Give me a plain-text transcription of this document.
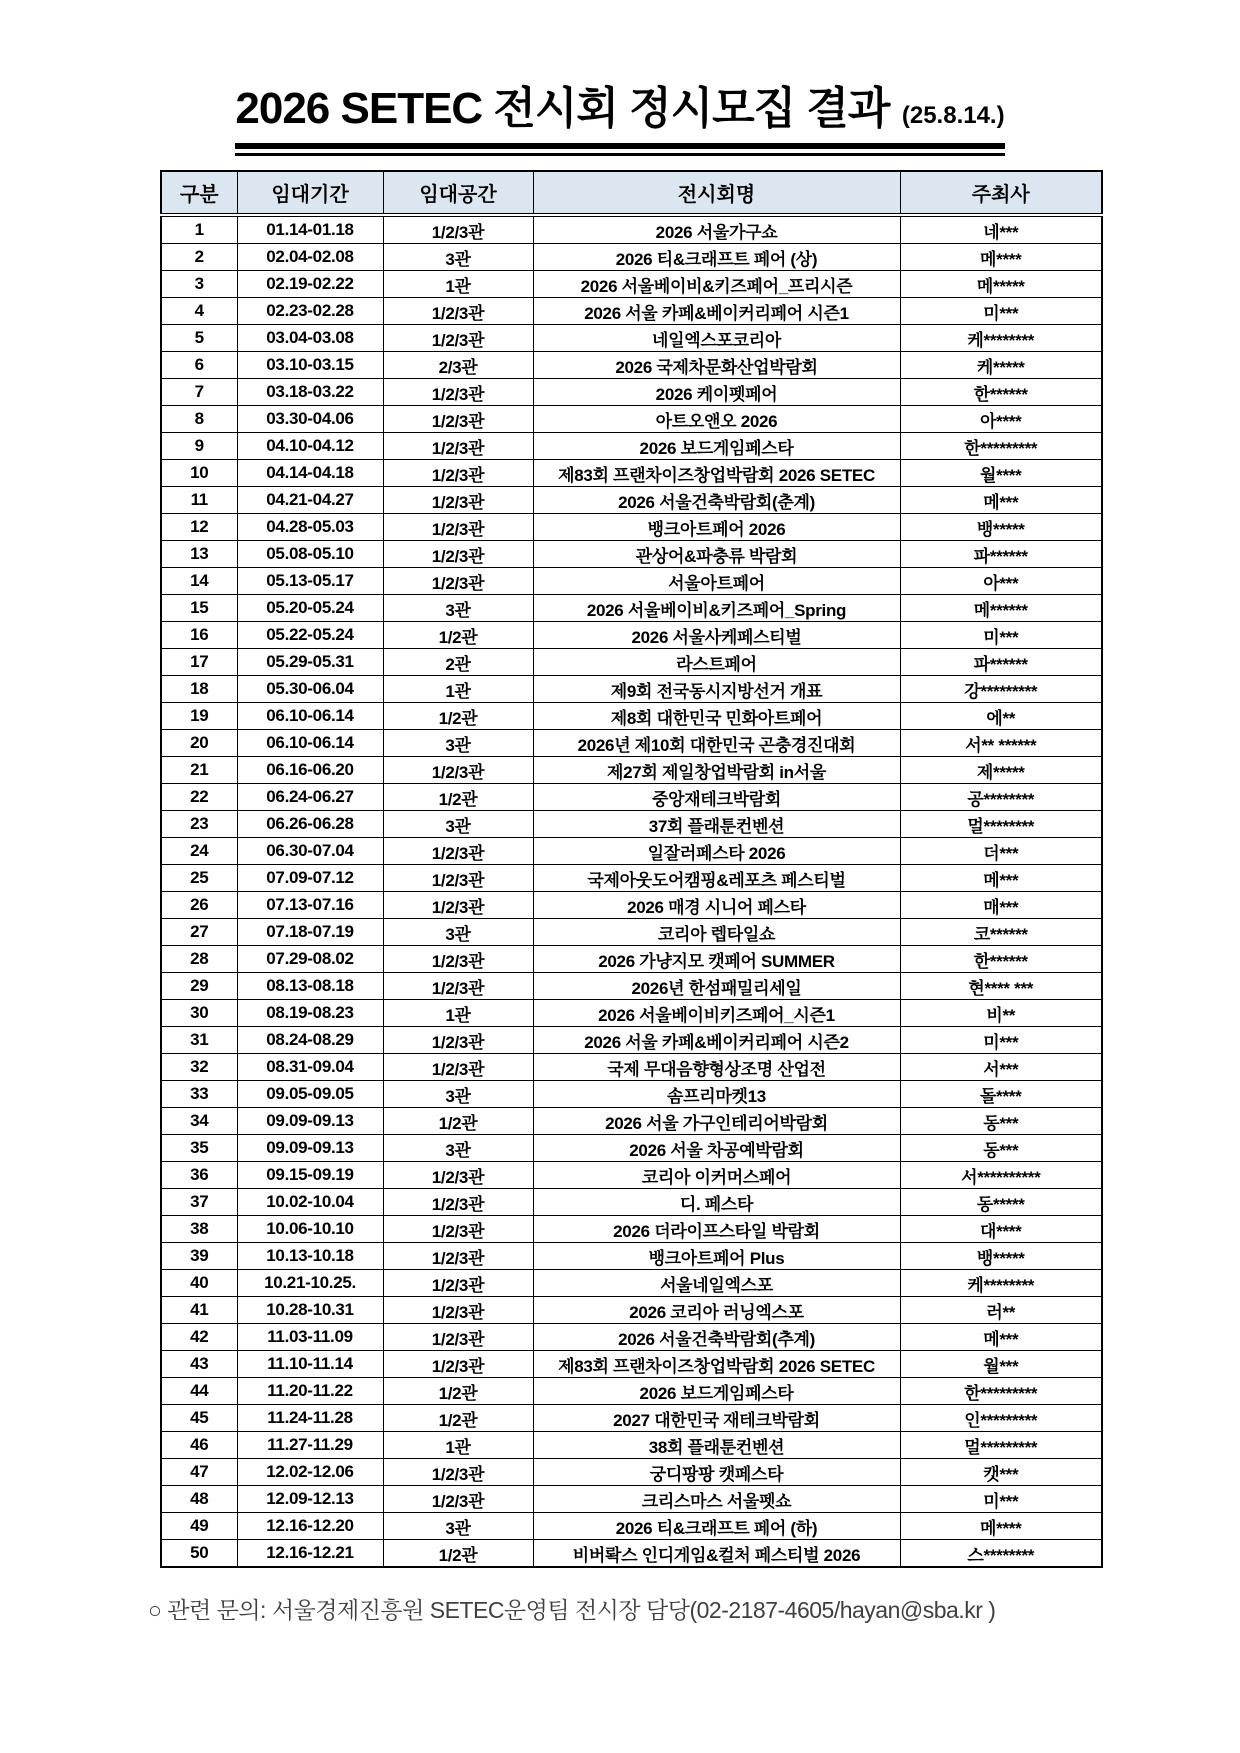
2026 SETEC 전시회 정시모집 결과 (25.8.14.)
구분	임대기간	임대공간	전시회명	주최사
1	01.14-01.18	1/2/3관	2026 서울가구쇼	네***
2	02.04-02.08	3관	2026 티&크래프트 페어 (상)	메****
3	02.19-02.22	1관	2026 서울베이비&키즈페어_프리시즌	메*****
4	02.23-02.28	1/2/3관	2026 서울 카페&베이커리페어 시즌1	미***
5	03.04-03.08	1/2/3관	네일엑스포코리아	케********
6	03.10-03.15	2/3관	2026 국제차문화산업박람회	케*****
7	03.18-03.22	1/2/3관	2026 케이펫페어	한******
8	03.30-04.06	1/2/3관	아트오앤오 2026	아****
9	04.10-04.12	1/2/3관	2026 보드게임페스타	한*********
10	04.14-04.18	1/2/3관	제83회 프랜차이즈창업박람회 2026 SETEC	월****
11	04.21-04.27	1/2/3관	2026 서울건축박람회(춘계)	메***
12	04.28-05.03	1/2/3관	뱅크아트페어 2026	뱅*****
13	05.08-05.10	1/2/3관	관상어&파충류 박람회	파******
14	05.13-05.17	1/2/3관	서울아트페어	아***
15	05.20-05.24	3관	2026 서울베이비&키즈페어_Spring	메******
16	05.22-05.24	1/2관	2026 서울사케페스티벌	미***
17	05.29-05.31	2관	라스트페어	파******
18	05.30-06.04	1관	제9회 전국동시지방선거 개표	강*********
19	06.10-06.14	1/2관	제8회 대한민국 민화아트페어	에**
20	06.10-06.14	3관	2026년 제10회 대한민국 곤충경진대회	서** ******
21	06.16-06.20	1/2/3관	제27회 제일창업박람회 in서울	제*****
22	06.24-06.27	1/2관	중앙재테크박람회	공********
23	06.26-06.28	3관	37회 플래툰컨벤션	멀********
24	06.30-07.04	1/2/3관	일잘러페스타 2026	더***
25	07.09-07.12	1/2/3관	국제아웃도어캠핑&레포츠 페스티벌	메***
26	07.13-07.16	1/2/3관	2026 매경 시니어 페스타	매***
27	07.18-07.19	3관	코리아 렙타일쇼	코******
28	07.29-08.02	1/2/3관	2026 가냥지모 캣페어 SUMMER	한******
29	08.13-08.18	1/2/3관	2026년 한섬패밀리세일	현**** ***
30	08.19-08.23	1관	2026 서울베이비키즈페어_시즌1	비**
31	08.24-08.29	1/2/3관	2026 서울 카페&베이커리페어 시즌2	미***
32	08.31-09.04	1/2/3관	국제 무대음향형상조명 산업전	서***
33	09.05-09.05	3관	솜프리마켓13	돌****
34	09.09-09.13	1/2관	2026 서울 가구인테리어박람회	동***
35	09.09-09.13	3관	2026 서울 차공예박람회	동***
36	09.15-09.19	1/2/3관	코리아 이커머스페어	서**********
37	10.02-10.04	1/2/3관	디. 페스타	동*****
38	10.06-10.10	1/2/3관	2026 더라이프스타일 박람회	대****
39	10.13-10.18	1/2/3관	뱅크아트페어 Plus	뱅*****
40	10.21-10.25.	1/2/3관	서울네일엑스포	케********
41	10.28-10.31	1/2/3관	2026 코리아 러닝엑스포	러**
42	11.03-11.09	1/2/3관	2026 서울건축박람회(추계)	메***
43	11.10-11.14	1/2/3관	제83회 프랜차이즈창업박람회 2026 SETEC	월***
44	11.20-11.22	1/2관	2026 보드게임페스타	한*********
45	11.24-11.28	1/2관	2027 대한민국 재테크박람회	인*********
46	11.27-11.29	1관	38회 플래툰컨벤션	멀*********
47	12.02-12.06	1/2/3관	궁디팡팡 캣페스타	캣***
48	12.09-12.13	1/2/3관	크리스마스 서울펫쇼	미***
49	12.16-12.20	3관	2026 티&크래프트 페어 (하)	메****
50	12.16-12.21	1/2관	비버롹스 인디게임&컬처 페스티벌 2026	스********
○ 관련 문의: 서울경제진흥원 SETEC운영팀 전시장 담당(02-2187-4605/hayan@sba.kr )
